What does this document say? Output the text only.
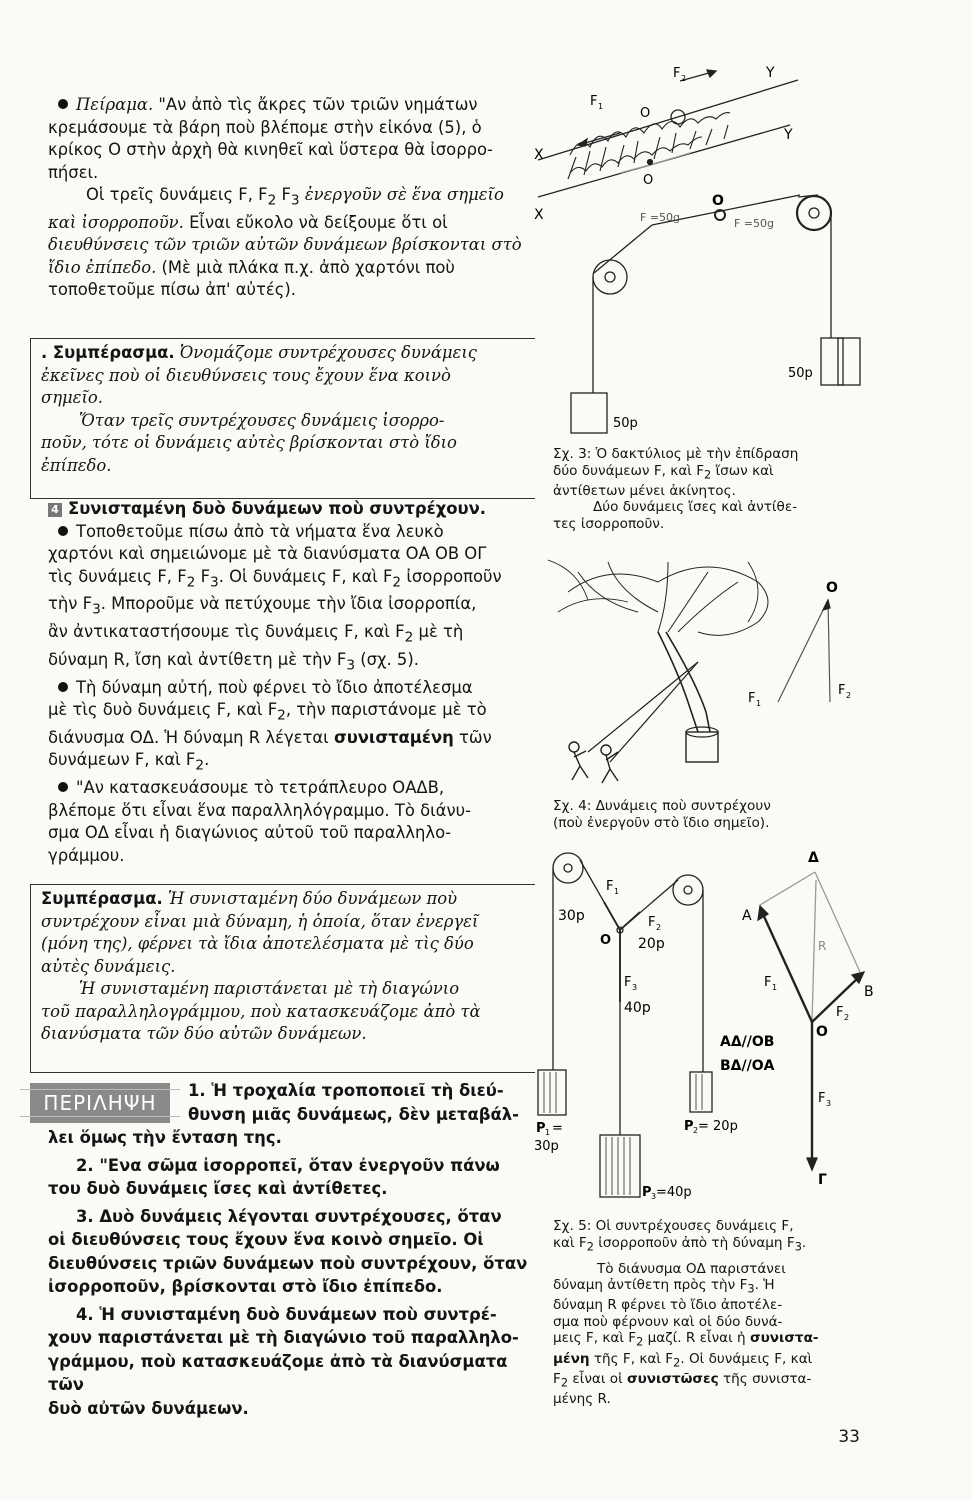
Πείραμα. "Αν ἀπὸ τὶς ἄκρες τῶν τριῶν νημάτων

κρεμάσουμε τὰ βάρη ποὺ βλέπομε στὴν εἰκόνα (5), ὁ

κρίκος Ο στὴν ἀρχὴ θὰ κινηθεῖ καὶ ὕστερα θὰ ἰσορρο-

πήσει.

Οἱ τρεῖς δυνάμεις F, $F_2$ $F_3$ ἐνεργοῦν σὲ ἕνα σημεῖο

καὶ ἰσορροποῦν. Εἶναι εὔκολο νὰ δείξουμε ὅτι οἱ

διευθύνσεις τῶν τριῶν αὐτῶν δυνάμεων βρίσκονται στὸ

ἴδιο ἐπίπεδο. (Μὲ μιὰ πλάκα π.χ. ἀπὸ χαρτόνι ποὺ

τοποθετοῦμε πίσω ἀπ' αὐτές).

. Συμπέρασμα. Ὀνομάζομε συντρέχουσες δυνάμεις

ἐκεῖνες ποὺ οἱ διευθύνσεις τους ἔχουν ἕνα κοινὸ

σημεῖο.

Ὅταν τρεῖς συντρέχουσες δυνάμεις ἰσορρο-

ποῦν, τότε οἱ δυνάμεις αὐτὲς βρίσκονται στὸ ἴδιο

ἐπίπεδο.

4 Συνισταμένη δυὸ δυνάμεων ποὺ συντρέχουν.

Τοποθετοῦμε πίσω ἀπὸ τὰ νήματα ἕνα λευκὸ

χαρτόνι καὶ σημειώνομε μὲ τὰ διανύσματα ΟΑ ΟΒ ΟΓ

τὶς δυνάμεις F, $F_2$ $F_3$. Οἱ δυνάμεις F, καὶ $F_2$ ἰσορροποῦν

τὴν $F_3$. Μποροῦμε νὰ πετύχουμε τὴν ἴδια ἰσορροπία,

ἂν ἀντικαταστήσουμε τὶς δυνάμεις F, καὶ $F_2$ μὲ τὴ

δύναμη R, ἴση καὶ ἀντίθετη μὲ τὴν $F_3$ (σχ. 5).

Τὴ δύναμη αὐτή, ποὺ φέρνει τὸ ἴδιο ἀποτέλεσμα

μὲ τὶς δυὸ δυνάμεις F, καὶ $F_2$, τὴν παριστάνομε μὲ τὸ

διάνυσμα ΟΔ. Ἡ δύναμη R λέγεται συνισταμένη τῶν

δυνάμεων F, καὶ $F_2$.

"Αν κατασκευάσουμε τὸ τετράπλευρο ΟΑΔΒ,

βλέπομε ὅτι εἶναι ἕνα παραλληλόγραμμο. Τὸ διάνυ-

σμα ΟΔ εἶναι ἡ διαγώνιος αὐτοῦ τοῦ παραλληλο-

γράμμου.

Συμπέρασμα. Ἡ συνισταμένη δύο δυνάμεων ποὺ

συντρέχουν εἶναι μιὰ δύναμη, ἡ ὁποία, ὅταν ἐνεργεῖ

(μόνη της), φέρνει τὰ ἴδια ἀποτελέσματα μὲ τὶς δύο

αὐτὲς δυνάμεις.

Ἡ συνισταμένη παριστάνεται μὲ τὴ διαγώνιο

τοῦ παραλληλογράμμου, ποὺ κατασκευάζομε ἀπὸ τὰ

διανύσματα τῶν δύο αὐτῶν δυνάμεων.

ΠΕΡΙΛΗΨΗ

1. Ἡ τροχαλία τροποποιεῖ τὴ διεύ-

θυνση μιᾶς δυνάμεως, δὲν μεταβάλ-

λει ὅμως τὴν ἔνταση της.

2. "Ενα σῶμα ἰσορροπεῖ, ὅταν ἐνεργοῦν πάνω

του δυὸ δυνάμεις ἴσες καὶ ἀντίθετες.

3. Δυὸ δυνάμεις λέγονται συντρέχουσες, ὅταν

οἱ διευθύνσεις τους ἔχουν ἕνα κοινὸ σημεῖο. Οἱ

διευθύνσεις τριῶν δυνάμεων ποὺ συντρέχουν, ὅταν

ἰσορροποῦν, βρίσκονται στὸ ἴδιο ἐπίπεδο.

4. Ἡ συνισταμένη δυὸ δυνάμεων ποὺ συντρέ-

χουν παριστάνεται μὲ τὴ διαγώνιο τοῦ παραλληλο-

γράμμου, ποὺ κατασκευάζομε ἀπὸ τὰ διανύσματα τῶν

δυὸ αὐτῶν δυνάμεων.

F 1
F 2	Y
Y
X
X
O
O
O
F =50g	F =50g
50p
50p

Σχ. 3: Ὁ δακτύλιος μὲ τὴν ἐπίδραση

δύο δυνάμεων F, καὶ $F_2$ ἴσων καὶ

ἀντίθετων μένει ἀκίνητος.

Δύο δυνάμεις ἴσες καὶ ἀντίθε-

τες ἰσορροποῦν.

O
F 1
F 2

Σχ. 4: Δυνάμεις ποὺ συντρέχουν

(ποὺ ἐνεργοῦν στὸ ἴδιο σημεῖο).

30p
20p
40p
O
F 1
F 2
F 3
P 1 =
30p
P 2 = 20p
P 3 =40p
Δ
A
B
R
F 1
F 2
O
F 3
Γ
ΑΔ//ΟΒ
ΒΔ//ΟΑ

Σχ. 5: Οἱ συντρέχουσες δυνάμεις F,

καὶ $F_2$ ἰσορροποῦν ἀπὸ τὴ δύναμη $F_3$.

Τὸ διάνυσμα ΟΔ παριστάνει

δύναμη ἀντίθετη πρὸς τὴν $F_3$. Ἡ

δύναμη R φέρνει τὸ ἴδιο ἀποτέλε-

σμα ποὺ φέρνουν καὶ οἱ δύο δυνά-

μεις F, καὶ $F_2$ μαζί. R εἶναι ἡ συνιστα-

μένη τῆς F, καὶ $F_2$. Οἱ δυνάμεις F, καὶ

$F_2$ εἶναι οἱ συνιστῶσες τῆς συνιστα-

μένης R.

33
